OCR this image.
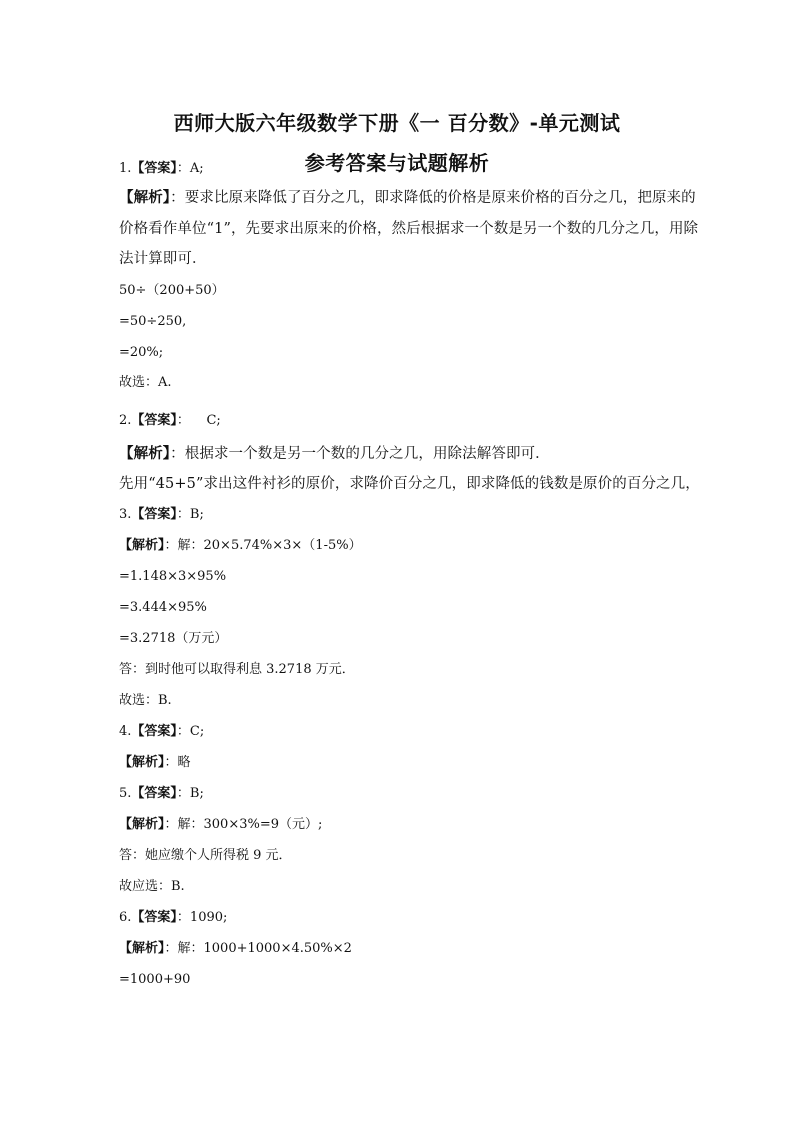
西师大版六年级数学下册《一 百分数》-单元测试
参考答案与试题解析
1.【答案】：A;
【解析】：要求比原来降低了百分之几，即求降低的价格是原来价格的百分之几，把原来的
价格看作单位“1”，先要求出原来的价格，然后根据求一个数是另一个数的几分之几，用除
法计算即可．
50÷（200+50）
=50÷250,
=20%;
故选：A.
2.【答案】：    C;
【解析】：根据求一个数是另一个数的几分之几，用除法解答即可．
先用“45+5”求出这件衬衫的原价，求降价百分之几，即求降低的钱数是原价的百分之几，
3.【答案】：B;
【解析】：解：20×5.74%×3×（1-5%）
=1.148×3×95%
=3.444×95%
=3.2718（万元）
答：到时他可以取得利息 3.2718 万元．
故选：B.
4.【答案】：C;
【解析】：略
5.【答案】：B;
【解析】：解：300×3%=9（元）;
答：她应缴个人所得税 9 元．
故应选：B.
6.【答案】：1090;
【解析】：解：1000+1000×4.50%×2
=1000+90
